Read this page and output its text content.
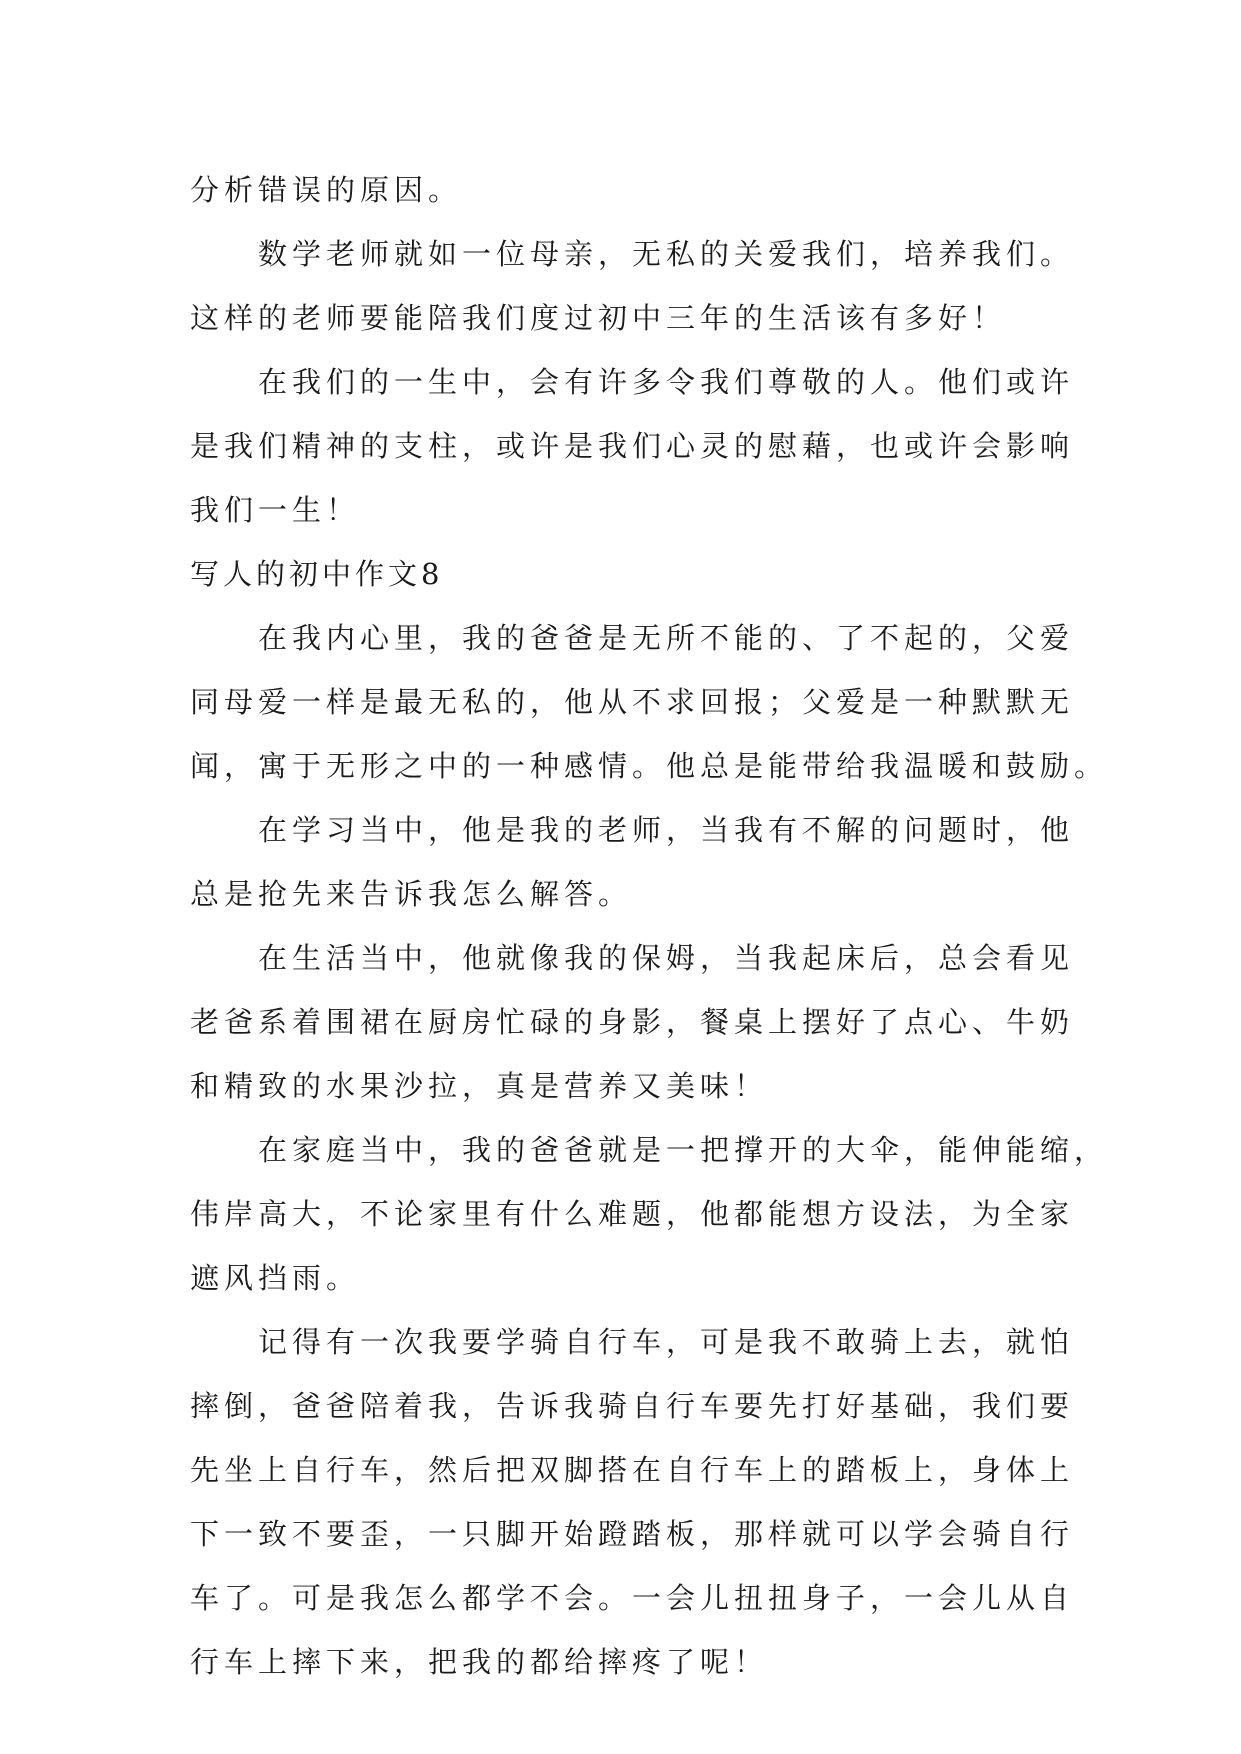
分析错误的原因。
数学老师就如一位母亲，无私的关爱我们，培养我们。
这样的老师要能陪我们度过初中三年的生活该有多好！
在我们的一生中，会有许多令我们尊敬的人。他们或许
是我们精神的支柱，或许是我们心灵的慰藉，也或许会影响
我们一生！
写人的初中作文8
在我内心里，我的爸爸是无所不能的、了不起的，父爱
同母爱一样是最无私的，他从不求回报；父爱是一种默默无
闻，寓于无形之中的一种感情。他总是能带给我温暖和鼓励。
在学习当中，他是我的老师，当我有不解的问题时，他
总是抢先来告诉我怎么解答。
在生活当中，他就像我的保姆，当我起床后，总会看见
老爸系着围裙在厨房忙碌的身影，餐桌上摆好了点心、牛奶
和精致的水果沙拉，真是营养又美味！
在家庭当中，我的爸爸就是一把撑开的大伞，能伸能缩，
伟岸高大，不论家里有什么难题，他都能想方设法，为全家
遮风挡雨。
记得有一次我要学骑自行车，可是我不敢骑上去，就怕
摔倒，爸爸陪着我，告诉我骑自行车要先打好基础，我们要
先坐上自行车，然后把双脚搭在自行车上的踏板上，身体上
下一致不要歪，一只脚开始蹬踏板，那样就可以学会骑自行
车了。可是我怎么都学不会。一会儿扭扭身子，一会儿从自
行车上摔下来，把我的都给摔疼了呢！
